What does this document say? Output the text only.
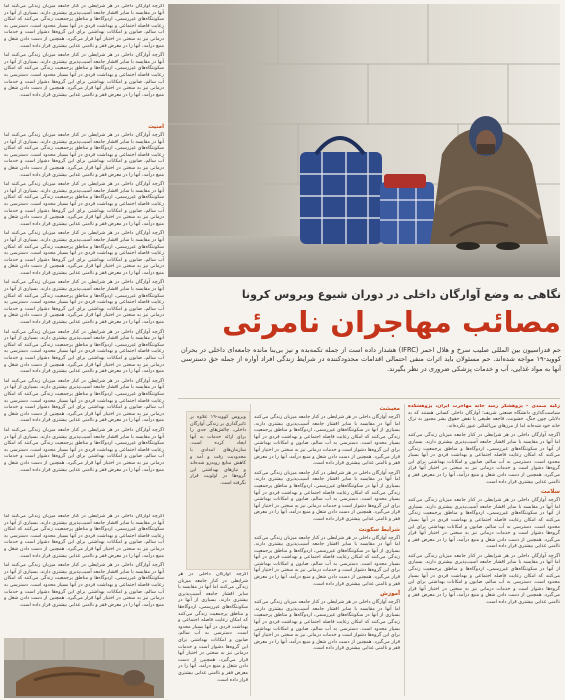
اگرچه آوارگان داخلی در هر شرایطی در کنار جامعه میزبان زندگی می‌کنند اما آنها در مقایسه با سایر اقشار جامعه آسیب‌پذیری بیشتری دارند. بسیاری از آنها در سکونتگاه‌های غیررسمی، اردوگاه‌ها و مناطق پرجمعیت زندگی می‌کنند که امکان رعایت فاصله اجتماعی و بهداشت فردی در آنها بسیار محدود است. دسترسی به آب سالم، صابون و امکانات بهداشتی برای این گروه‌ها دشوار است و خدمات درمانی نیز به سختی در اختیار آنها قرار می‌گیرد. همچنین از دست دادن شغل و منبع درآمد، آنها را در معرض فقر و ناامنی غذایی بیشتری قرار داده است.

اگرچه آوارگان داخلی در هر شرایطی در کنار جامعه میزبان زندگی می‌کنند اما آنها در مقایسه با سایر اقشار جامعه آسیب‌پذیری بیشتری دارند. بسیاری از آنها در سکونتگاه‌های غیررسمی، اردوگاه‌ها و مناطق پرجمعیت زندگی می‌کنند که امکان رعایت فاصله اجتماعی و بهداشت فردی در آنها بسیار محدود است. دسترسی به آب سالم، صابون و امکانات بهداشتی برای این گروه‌ها دشوار است و خدمات درمانی نیز به سختی در اختیار آنها قرار می‌گیرد. همچنین از دست دادن شغل و منبع درآمد، آنها را در معرض فقر و ناامنی غذایی بیشتری قرار داده است.

امنیت

اگرچه آوارگان داخلی در هر شرایطی در کنار جامعه میزبان زندگی می‌کنند اما آنها در مقایسه با سایر اقشار جامعه آسیب‌پذیری بیشتری دارند. بسیاری از آنها در سکونتگاه‌های غیررسمی، اردوگاه‌ها و مناطق پرجمعیت زندگی می‌کنند که امکان رعایت فاصله اجتماعی و بهداشت فردی در آنها بسیار محدود است. دسترسی به آب سالم، صابون و امکانات بهداشتی برای این گروه‌ها دشوار است و خدمات درمانی نیز به سختی در اختیار آنها قرار می‌گیرد. همچنین از دست دادن شغل و منبع درآمد، آنها را در معرض فقر و ناامنی غذایی بیشتری قرار داده است.

اگرچه آوارگان داخلی در هر شرایطی در کنار جامعه میزبان زندگی می‌کنند اما آنها در مقایسه با سایر اقشار جامعه آسیب‌پذیری بیشتری دارند. بسیاری از آنها در سکونتگاه‌های غیررسمی، اردوگاه‌ها و مناطق پرجمعیت زندگی می‌کنند که امکان رعایت فاصله اجتماعی و بهداشت فردی در آنها بسیار محدود است. دسترسی به آب سالم، صابون و امکانات بهداشتی برای این گروه‌ها دشوار است و خدمات درمانی نیز به سختی در اختیار آنها قرار می‌گیرد. همچنین از دست دادن شغل و منبع درآمد، آنها را در معرض فقر و ناامنی غذایی بیشتری قرار داده است.

اگرچه آوارگان داخلی در هر شرایطی در کنار جامعه میزبان زندگی می‌کنند اما آنها در مقایسه با سایر اقشار جامعه آسیب‌پذیری بیشتری دارند. بسیاری از آنها در سکونتگاه‌های غیررسمی، اردوگاه‌ها و مناطق پرجمعیت زندگی می‌کنند که امکان رعایت فاصله اجتماعی و بهداشت فردی در آنها بسیار محدود است. دسترسی به آب سالم، صابون و امکانات بهداشتی برای این گروه‌ها دشوار است و خدمات درمانی نیز به سختی در اختیار آنها قرار می‌گیرد. همچنین از دست دادن شغل و منبع درآمد، آنها را در معرض فقر و ناامنی غذایی بیشتری قرار داده است.

اگرچه آوارگان داخلی در هر شرایطی در کنار جامعه میزبان زندگی می‌کنند اما آنها در مقایسه با سایر اقشار جامعه آسیب‌پذیری بیشتری دارند. بسیاری از آنها در سکونتگاه‌های غیررسمی، اردوگاه‌ها و مناطق پرجمعیت زندگی می‌کنند که امکان رعایت فاصله اجتماعی و بهداشت فردی در آنها بسیار محدود است. دسترسی به آب سالم، صابون و امکانات بهداشتی برای این گروه‌ها دشوار است و خدمات درمانی نیز به سختی در اختیار آنها قرار می‌گیرد. همچنین از دست دادن شغل و منبع درآمد، آنها را در معرض فقر و ناامنی غذایی بیشتری قرار داده است.

اگرچه آوارگان داخلی در هر شرایطی در کنار جامعه میزبان زندگی می‌کنند اما آنها در مقایسه با سایر اقشار جامعه آسیب‌پذیری بیشتری دارند. بسیاری از آنها در سکونتگاه‌های غیررسمی، اردوگاه‌ها و مناطق پرجمعیت زندگی می‌کنند که امکان رعایت فاصله اجتماعی و بهداشت فردی در آنها بسیار محدود است. دسترسی به آب سالم، صابون و امکانات بهداشتی برای این گروه‌ها دشوار است و خدمات درمانی نیز به سختی در اختیار آنها قرار می‌گیرد. همچنین از دست دادن شغل و منبع درآمد، آنها را در معرض فقر و ناامنی غذایی بیشتری قرار داده است.

اگرچه آوارگان داخلی در هر شرایطی در کنار جامعه میزبان زندگی می‌کنند اما آنها در مقایسه با سایر اقشار جامعه آسیب‌پذیری بیشتری دارند. بسیاری از آنها در سکونتگاه‌های غیررسمی، اردوگاه‌ها و مناطق پرجمعیت زندگی می‌کنند که امکان رعایت فاصله اجتماعی و بهداشت فردی در آنها بسیار محدود است. دسترسی به آب سالم، صابون و امکانات بهداشتی برای این گروه‌ها دشوار است و خدمات درمانی نیز به سختی در اختیار آنها قرار می‌گیرد. همچنین از دست دادن شغل و منبع درآمد، آنها را در معرض فقر و ناامنی غذایی بیشتری قرار داده است.

اگرچه آوارگان داخلی در هر شرایطی در کنار جامعه میزبان زندگی می‌کنند اما آنها در مقایسه با سایر اقشار جامعه آسیب‌پذیری بیشتری دارند. بسیاری از آنها در سکونتگاه‌های غیررسمی، اردوگاه‌ها و مناطق پرجمعیت زندگی می‌کنند که امکان رعایت فاصله اجتماعی و بهداشت فردی در آنها بسیار محدود است. دسترسی به آب سالم، صابون و امکانات بهداشتی برای این گروه‌ها دشوار است و خدمات درمانی نیز به سختی در اختیار آنها قرار می‌گیرد. همچنین از دست دادن شغل و منبع درآمد، آنها را در معرض فقر و ناامنی غذایی بیشتری قرار داده است.

اگرچه آوارگان داخلی در هر شرایطی در کنار جامعه میزبان زندگی می‌کنند اما آنها در مقایسه با سایر اقشار جامعه آسیب‌پذیری بیشتری دارند. بسیاری از آنها در سکونتگاه‌های غیررسمی، اردوگاه‌ها و مناطق پرجمعیت زندگی می‌کنند که امکان رعایت فاصله اجتماعی و بهداشت فردی در آنها بسیار محدود است. دسترسی به آب سالم، صابون و امکانات بهداشتی برای این گروه‌ها دشوار است و خدمات درمانی نیز به سختی در اختیار آنها قرار می‌گیرد. همچنین از دست دادن شغل و منبع درآمد، آنها را در معرض فقر و ناامنی غذایی بیشتری قرار داده است.

اگرچه آوارگان داخلی در هر شرایطی در کنار جامعه میزبان زندگی می‌کنند اما آنها در مقایسه با سایر اقشار جامعه آسیب‌پذیری بیشتری دارند. بسیاری از آنها در سکونتگاه‌های غیررسمی، اردوگاه‌ها و مناطق پرجمعیت زندگی می‌کنند که امکان رعایت فاصله اجتماعی و بهداشت فردی در آنها بسیار محدود است. دسترسی به آب سالم، صابون و امکانات بهداشتی برای این گروه‌ها دشوار است و خدمات درمانی نیز به سختی در اختیار آنها قرار می‌گیرد. همچنین از دست دادن شغل و منبع درآمد، آنها را در معرض فقر و ناامنی غذایی بیشتری قرار داده است.

نگاهی به وضع آوارگان داخلی در دوران شیوع ویروس کرونا
مصائب مهاجران نامرئی
حم قدراسیون بین المللی صلیب سرخ و هلال احمر (IFRC) هشدار داده است از جمله تکمه‌بده و نیز بی‌بنا مانده جامعه‌ای داخلی در بحران کووید-۱۹ مواجه شده‌اند. حم مسئولان باید اثرات منفی احتمالی اقدامات محدودکننده در شرایط زندگی افراد آواره از جمله حق دسترسی آنها به مواد غذایی، آب و خدمات پزشکی ضروری در نظر بگیرند.

زکیه صمدی – پژوهشگر رسد خانه مهاجرت ایران، پژوهشکده سیاست‌گذاری دانشگاه صنعتی شریف؛ آوارگان داخلی کسانی هستند که به دلایلی چون جنگ، خشونت، فاجعه طبیعی یا نقض حقوق بشر مجبور به ترک خانه خود شده‌اند اما از مرزهای بین‌المللی عبور نکرده‌اند.

اگرچه آوارگان داخلی در هر شرایطی در کنار جامعه میزبان زندگی می‌کنند اما آنها در مقایسه با سایر اقشار جامعه آسیب‌پذیری بیشتری دارند. بسیاری از آنها در سکونتگاه‌های غیررسمی، اردوگاه‌ها و مناطق پرجمعیت زندگی می‌کنند که امکان رعایت فاصله اجتماعی و بهداشت فردی در آنها بسیار محدود است. دسترسی به آب سالم، صابون و امکانات بهداشتی برای این گروه‌ها دشوار است و خدمات درمانی نیز به سختی در اختیار آنها قرار می‌گیرد. همچنین از دست دادن شغل و منبع درآمد، آنها را در معرض فقر و ناامنی غذایی بیشتری قرار داده است.

سلامت

اگرچه آوارگان داخلی در هر شرایطی در کنار جامعه میزبان زندگی می‌کنند اما آنها در مقایسه با سایر اقشار جامعه آسیب‌پذیری بیشتری دارند. بسیاری از آنها در سکونتگاه‌های غیررسمی، اردوگاه‌ها و مناطق پرجمعیت زندگی می‌کنند که امکان رعایت فاصله اجتماعی و بهداشت فردی در آنها بسیار محدود است. دسترسی به آب سالم، صابون و امکانات بهداشتی برای این گروه‌ها دشوار است و خدمات درمانی نیز به سختی در اختیار آنها قرار می‌گیرد. همچنین از دست دادن شغل و منبع درآمد، آنها را در معرض فقر و ناامنی غذایی بیشتری قرار داده است.

اگرچه آوارگان داخلی در هر شرایطی در کنار جامعه میزبان زندگی می‌کنند اما آنها در مقایسه با سایر اقشار جامعه آسیب‌پذیری بیشتری دارند. بسیاری از آنها در سکونتگاه‌های غیررسمی، اردوگاه‌ها و مناطق پرجمعیت زندگی می‌کنند که امکان رعایت فاصله اجتماعی و بهداشت فردی در آنها بسیار محدود است. دسترسی به آب سالم، صابون و امکانات بهداشتی برای این گروه‌ها دشوار است و خدمات درمانی نیز به سختی در اختیار آنها قرار می‌گیرد. همچنین از دست دادن شغل و منبع درآمد، آنها را در معرض فقر و ناامنی غذایی بیشتری قرار داده است.

معیشت

اگرچه آوارگان داخلی در هر شرایطی در کنار جامعه میزبان زندگی می‌کنند اما آنها در مقایسه با سایر اقشار جامعه آسیب‌پذیری بیشتری دارند. بسیاری از آنها در سکونتگاه‌های غیررسمی، اردوگاه‌ها و مناطق پرجمعیت زندگی می‌کنند که امکان رعایت فاصله اجتماعی و بهداشت فردی در آنها بسیار محدود است. دسترسی به آب سالم، صابون و امکانات بهداشتی برای این گروه‌ها دشوار است و خدمات درمانی نیز به سختی در اختیار آنها قرار می‌گیرد. همچنین از دست دادن شغل و منبع درآمد، آنها را در معرض فقر و ناامنی غذایی بیشتری قرار داده است.

اگرچه آوارگان داخلی در هر شرایطی در کنار جامعه میزبان زندگی می‌کنند اما آنها در مقایسه با سایر اقشار جامعه آسیب‌پذیری بیشتری دارند. بسیاری از آنها در سکونتگاه‌های غیررسمی، اردوگاه‌ها و مناطق پرجمعیت زندگی می‌کنند که امکان رعایت فاصله اجتماعی و بهداشت فردی در آنها بسیار محدود است. دسترسی به آب سالم، صابون و امکانات بهداشتی برای این گروه‌ها دشوار است و خدمات درمانی نیز به سختی در اختیار آنها قرار می‌گیرد. همچنین از دست دادن شغل و منبع درآمد، آنها را در معرض فقر و ناامنی غذایی بیشتری قرار داده است.

شرایط سکونت

اگرچه آوارگان داخلی در هر شرایطی در کنار جامعه میزبان زندگی می‌کنند اما آنها در مقایسه با سایر اقشار جامعه آسیب‌پذیری بیشتری دارند. بسیاری از آنها در سکونتگاه‌های غیررسمی، اردوگاه‌ها و مناطق پرجمعیت زندگی می‌کنند که امکان رعایت فاصله اجتماعی و بهداشت فردی در آنها بسیار محدود است. دسترسی به آب سالم، صابون و امکانات بهداشتی برای این گروه‌ها دشوار است و خدمات درمانی نیز به سختی در اختیار آنها قرار می‌گیرد. همچنین از دست دادن شغل و منبع درآمد، آنها را در معرض فقر و ناامنی غذایی بیشتری قرار داده است.

آموزش

اگرچه آوارگان داخلی در هر شرایطی در کنار جامعه میزبان زندگی می‌کنند اما آنها در مقایسه با سایر اقشار جامعه آسیب‌پذیری بیشتری دارند. بسیاری از آنها در سکونتگاه‌های غیررسمی، اردوگاه‌ها و مناطق پرجمعیت زندگی می‌کنند که امکان رعایت فاصله اجتماعی و بهداشت فردی در آنها بسیار محدود است. دسترسی به آب سالم، صابون و امکانات بهداشتی برای این گروه‌ها دشوار است و خدمات درمانی نیز به سختی در اختیار آنها قرار می‌گیرد. همچنین از دست دادن شغل و منبع درآمد، آنها را در معرض فقر و ناامنی غذایی بیشتری قرار داده است.

ویروس کووید-۱۹ علاوه بر تاثیرگذاری بر زندگی آوارگان داخلی، چالش‌های جدی را برای ارائه خدمات به آنها ایجاد کرده است. سازمان‌های امدادی با محدودیت رفت و آمد و کاهش منابع روبه‌رو شده‌اند و نیازهای بهداشتی این گروه‌ها در اولویت قرار نگرفته است.

اگرچه آوارگان داخلی در هر شرایطی در کنار جامعه میزبان زندگی می‌کنند اما آنها در مقایسه با سایر اقشار جامعه آسیب‌پذیری بیشتری دارند. بسیاری از آنها در سکونتگاه‌های غیررسمی، اردوگاه‌ها و مناطق پرجمعیت زندگی می‌کنند که امکان رعایت فاصله اجتماعی و بهداشت فردی در آنها بسیار محدود است. دسترسی به آب سالم، صابون و امکانات بهداشتی برای این گروه‌ها دشوار است و خدمات درمانی نیز به سختی در اختیار آنها قرار می‌گیرد. همچنین از دست دادن شغل و منبع درآمد، آنها را در معرض فقر و ناامنی غذایی بیشتری قرار داده است.
